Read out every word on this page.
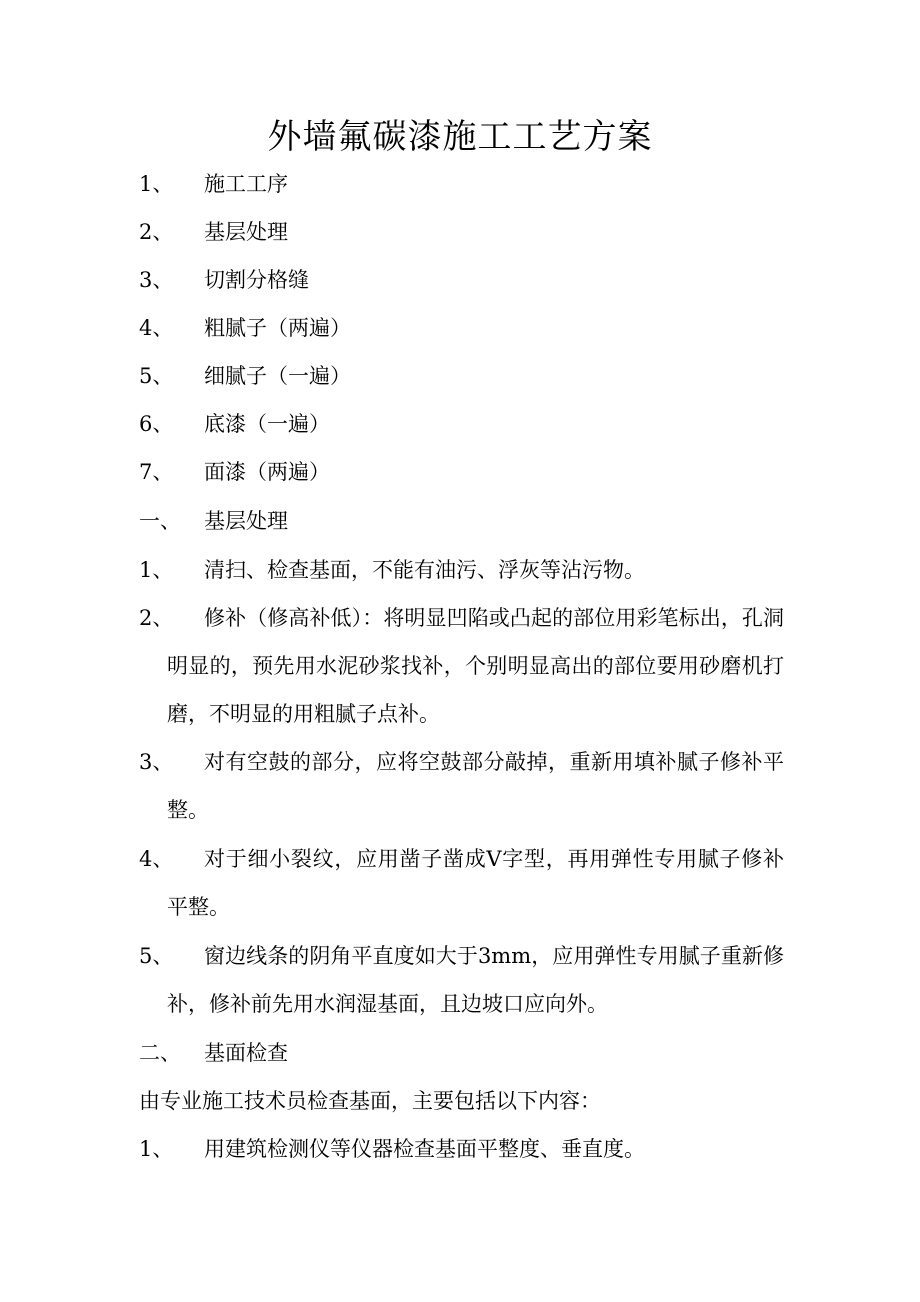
外墙氟碳漆施工工艺方案
1、	施工工序
2、	基层处理
3、	切割分格缝
4、	粗腻子（两遍）
5、	细腻子（一遍）
6、	底漆（一遍）
7、	面漆（两遍）
一、	基层处理
1、	清扫、检查基面，不能有油污、浮灰等沾污物。
2、	修补（修高补低）：将明显凹陷或凸起的部位用彩笔标出，孔洞明显的，预先用水泥砂浆找补，个别明显高出的部位要用砂磨机打磨，不明显的用粗腻子点补。
3、	对有空鼓的部分，应将空鼓部分敲掉，重新用填补腻子修补平整。
4、	对于细小裂纹，应用凿子凿成V字型，再用弹性专用腻子修补平整。
5、	窗边线条的阴角平直度如大于3mm，应用弹性专用腻子重新修补，修补前先用水润湿基面，且边坡口应向外。
二、	基面检查
由专业施工技术员检查基面，主要包括以下内容：
1、	用建筑检测仪等仪器检查基面平整度、垂直度。
